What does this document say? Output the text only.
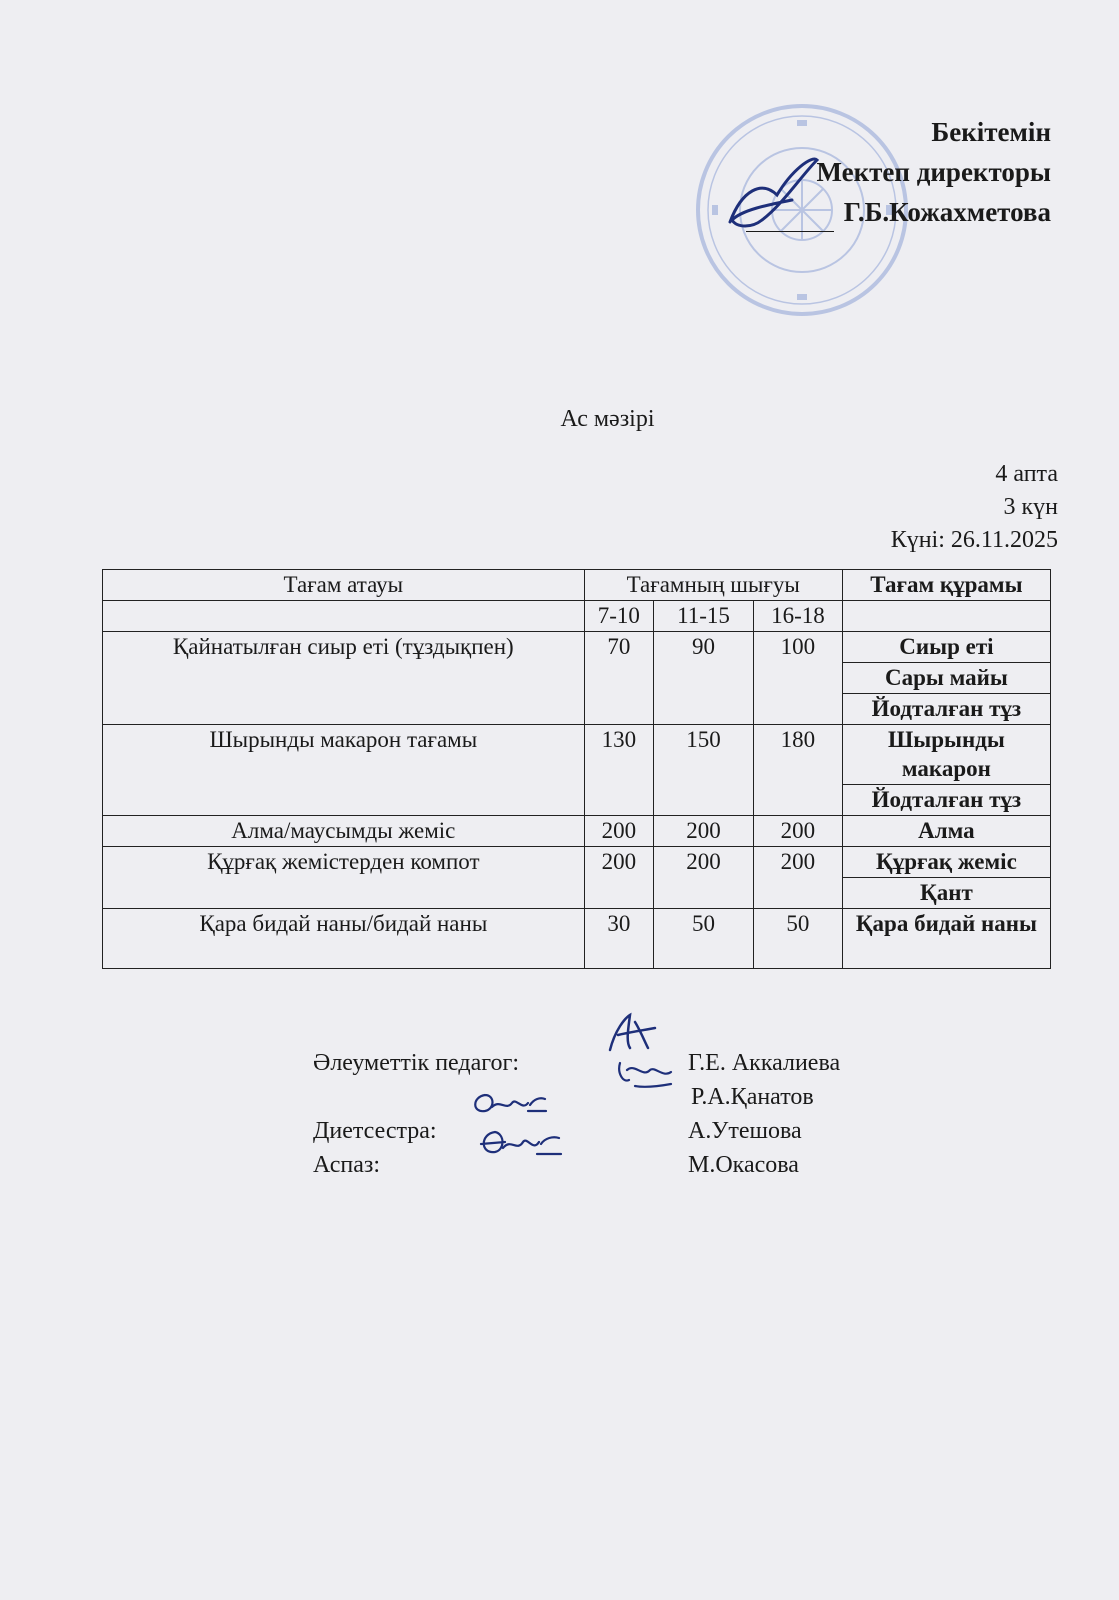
Бекітемін
Мектеп директоры
Г.Б.Кожахметова
Ас мәзірі
4 апта
3 күн
Күні: 26.11.2025
Тағам атауы	Тағамның шығуы			Тағам құрамы
	7-10	11-15	16-18	
Қайнатылған сиыр еті (тұздықпен)	70	90	100	Сиыр еті
				Сары майы
				Йодталған тұз
Шырынды макарон тағамы	130	150	180	Шырынды макарон
				Йодталған тұз
Алма/маусымды жеміс	200	200	200	Алма
Құрғақ жемістерден компот	200	200	200	Құрғақ жеміс
				Қант
Қара бидай наны/бидай наны	30	50	50	Қара бидай наны
Әлеуметтік педагог:	Г.Е. Аккалиева
Р.А.Қанатов
Диетсестра:	А.Утешова
Аспаз:	М.Окасова
